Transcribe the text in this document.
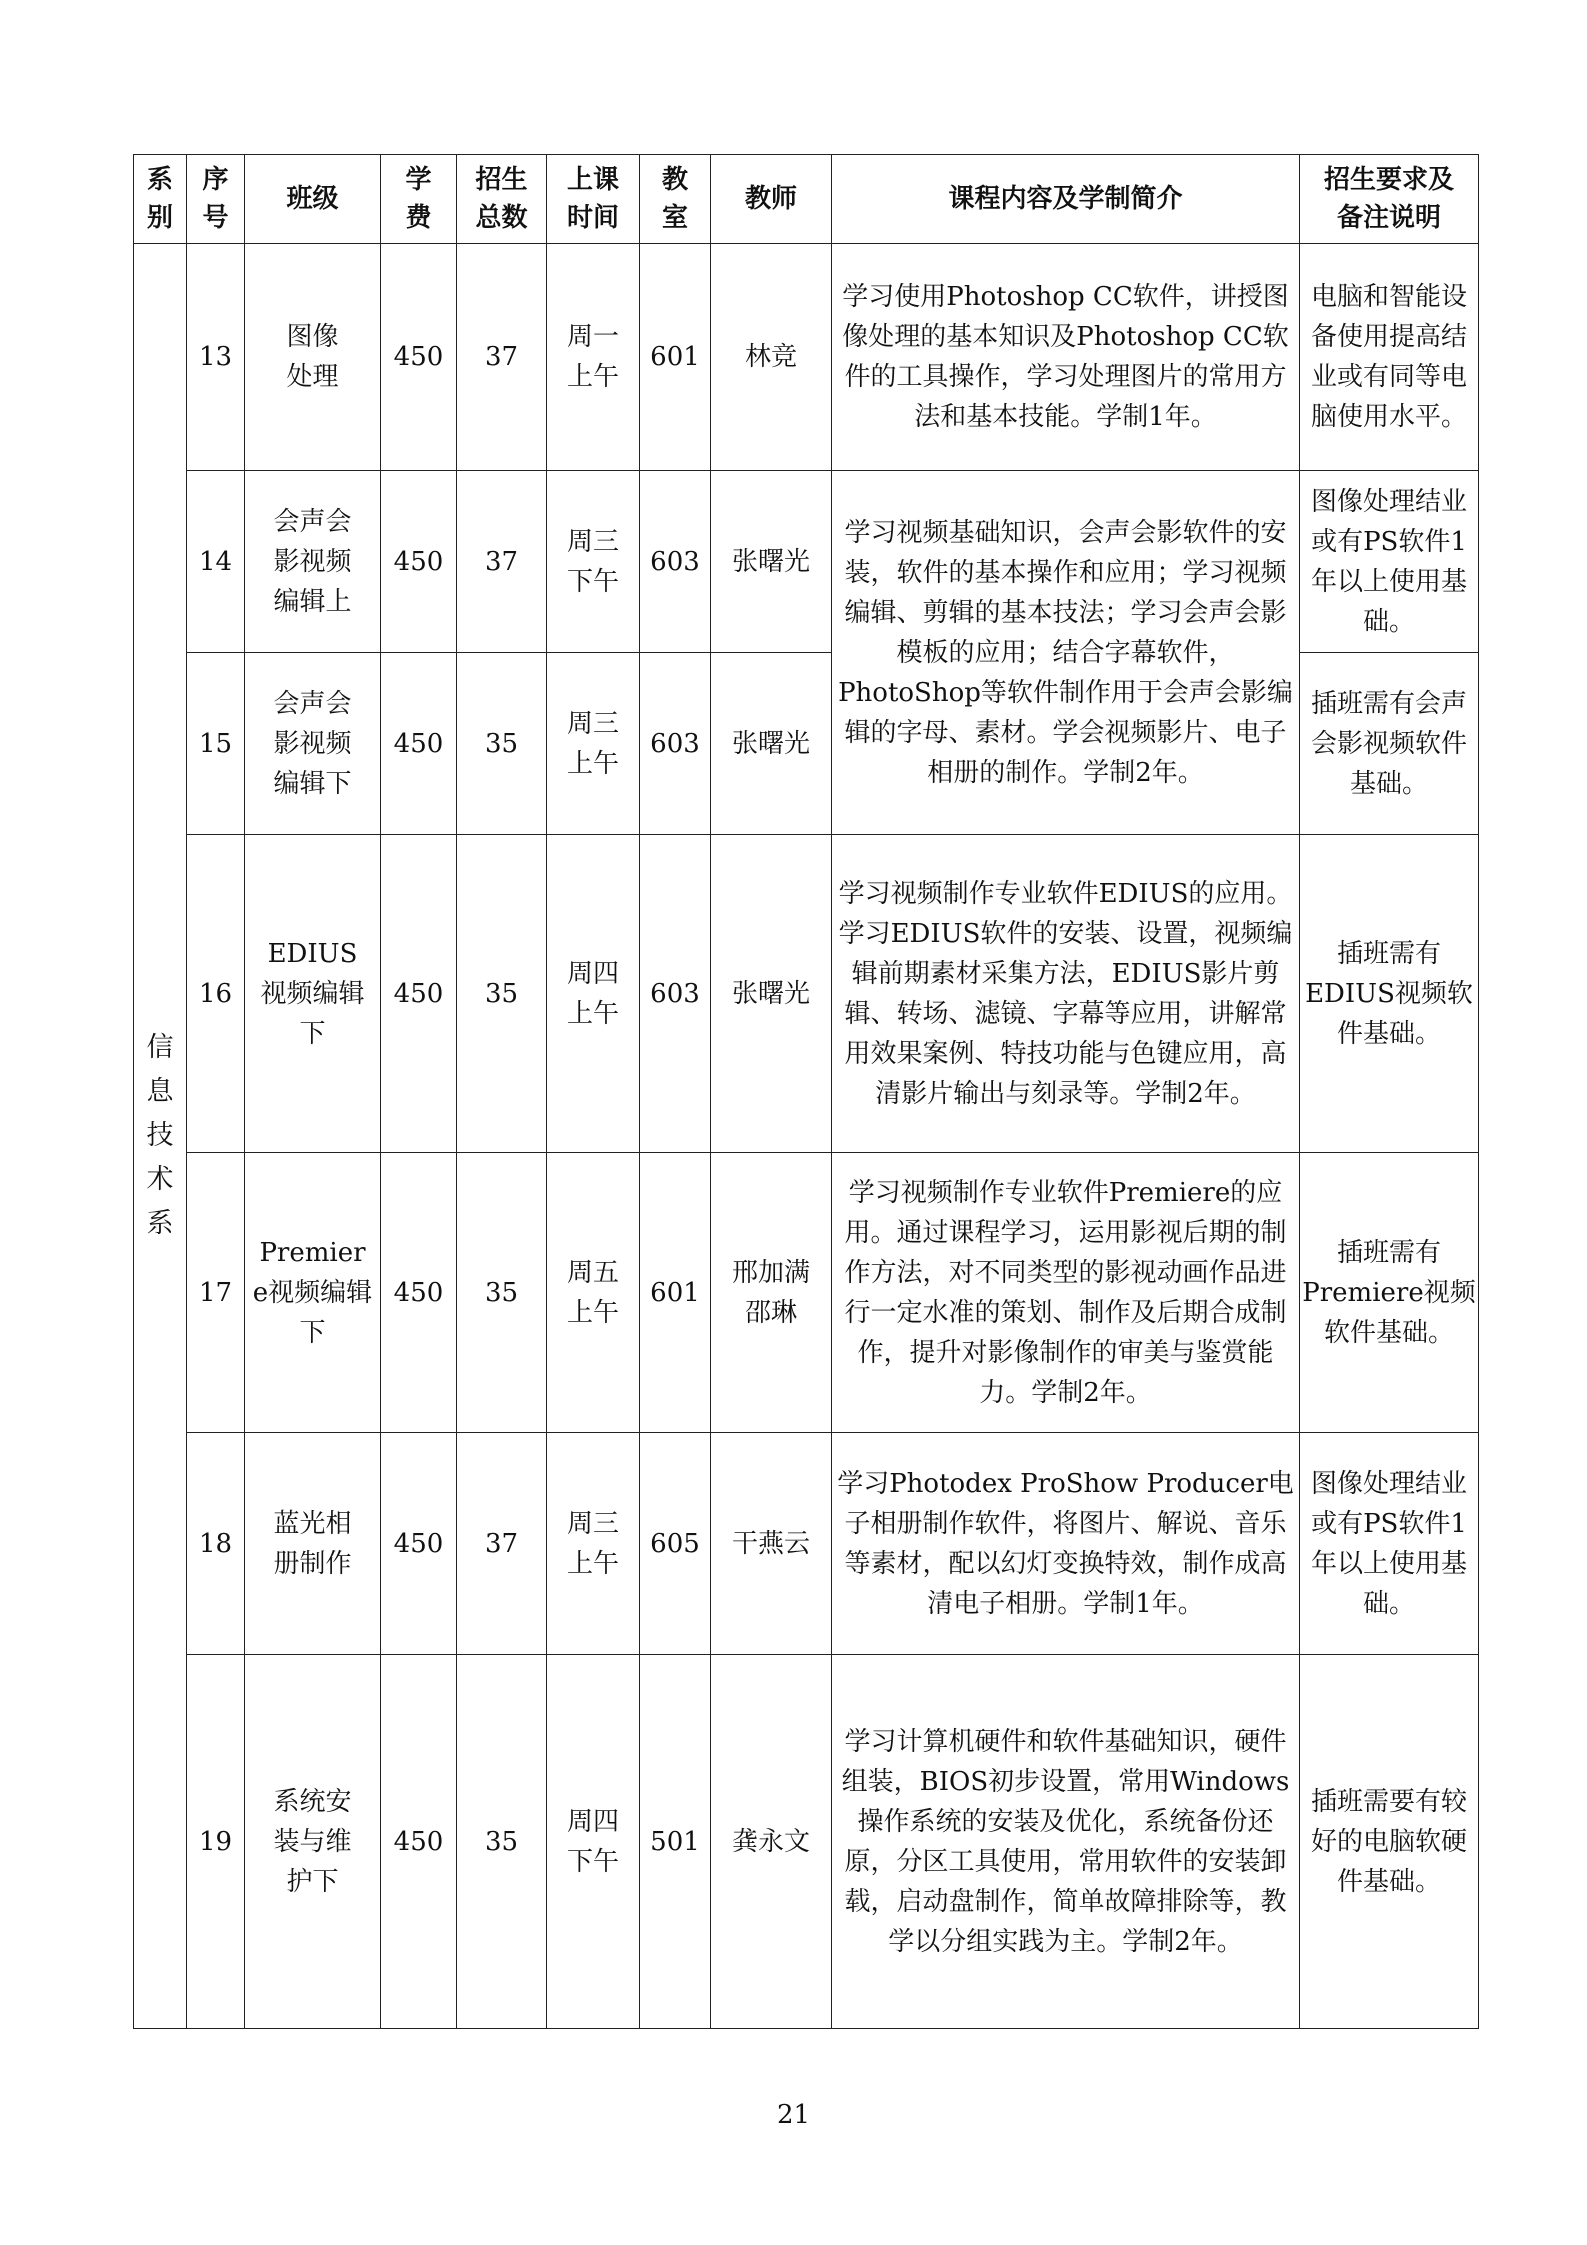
系别	序号	班级	学费	招生总数	上课时间	教室	教师	课程内容及学制简介	招生要求及备注说明
信息技术系	13	图像处理	450	37	周一上午	601	林竞	学习使用Photoshop CC软件，讲授图像处理的基本知识及Photoshop CC软件的工具操作，学习处理图片的常用方法和基本技能。学制1年。	电脑和智能设备使用提高结业或有同等电脑使用水平。
	14	会声会影视频编辑上	450	37	周三下午	603	张曙光	学习视频基础知识，会声会影软件的安装，软件的基本操作和应用；学习视频编辑、剪辑的基本技法；学习会声会影模板的应用；结合字幕软件，PhotoShop等软件制作用于会声会影编辑的字母、素材。学会视频影片、电子相册的制作。学制2年。	图像处理结业或有PS软件1年以上使用基础。
	15	会声会影视频编辑下	450	35	周三上午	603	张曙光		插班需有会声会影视频软件基础。
	16	EDIUS视频编辑下	450	35	周四上午	603	张曙光	学习视频制作专业软件EDIUS的应用。学习EDIUS软件的安装、设置，视频编辑前期素材采集方法，EDIUS影片剪辑、转场、滤镜、字幕等应用，讲解常用效果案例、特技功能与色键应用，高清影片输出与刻录等。学制2年。	插班需有EDIUS视频软件基础。
	17	Premiere视频编辑下	450	35	周五上午	601	邢加满邵琳	学习视频制作专业软件Premiere的应用。通过课程学习，运用影视后期的制作方法，对不同类型的影视动画作品进行一定水准的策划、制作及后期合成制作，提升对影像制作的审美与鉴赏能力。学制2年。	插班需有Premiere视频软件基础。
	18	蓝光相册制作	450	37	周三上午	605	干燕云	学习Photodex ProShow Producer电子相册制作软件，将图片、解说、音乐等素材，配以幻灯变换特效，制作成高清电子相册。学制1年。	图像处理结业或有PS软件1年以上使用基础。
	19	系统安装与维护下	450	35	周四下午	501	龚永文	学习计算机硬件和软件基础知识，硬件组装，BIOS初步设置，常用Windows操作系统的安装及优化，系统备份还原，分区工具使用，常用软件的安装卸载，启动盘制作，简单故障排除等，教学以分组实践为主。学制2年。	插班需要有较好的电脑软硬件基础。
21
